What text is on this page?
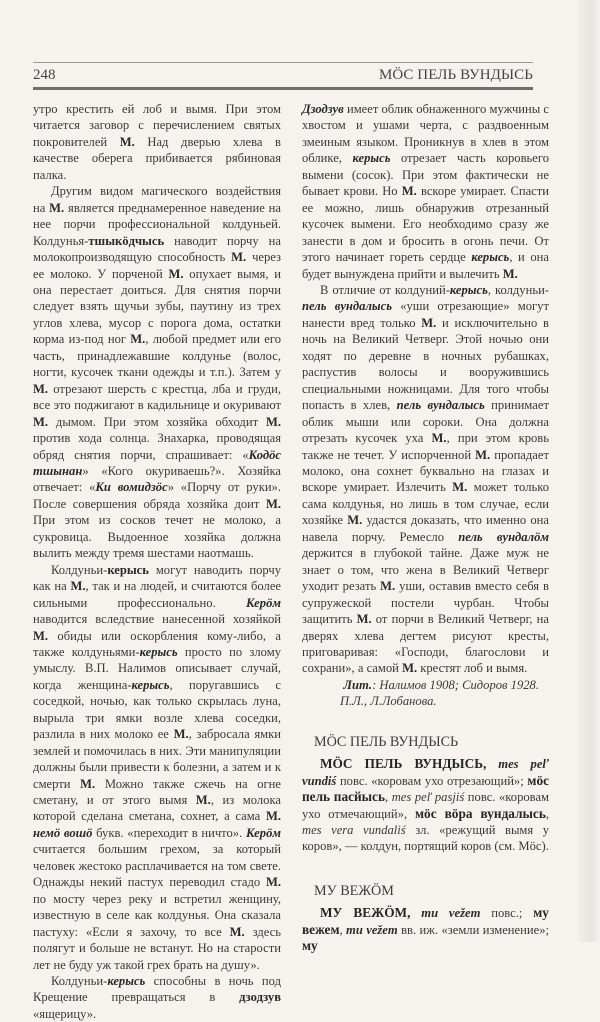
248	МÖС ПЕЛЬ ВУНДЫСЬ

утро крестить ей лоб и вымя. При этом читается заговор с перечислением святых покровителей М. Над дверью хлева в качестве оберега прибивается рябиновая палка.

Другим видом магического воздействия на М. является преднамеренное наведение на нее порчи профессиональной колдуньей. Колдунья-тшыкöдчысь наводит порчу на молокопроизводящую способность М. через ее молоко. У порченой М. опухает вымя, и она перестает доиться. Для снятия порчи следует взять щучьи зубы, паутину из трех углов хлева, мусор с порога дома, остатки корма из-под ног М., любой предмет или его часть, принадлежавшие колдунье (волос, ногти, кусочек ткани одежды и т.п.). Затем у М. отрезают шерсть с крестца, лба и груди, все это поджигают в кадильнице и окуривают М. дымом. При этом хозяйка обходит М. против хода солнца. Знахарка, проводящая обряд снятия порчи, спрашивает: «Кодöс тшынан» «Кого окуриваешь?». Хозяйка отвечает: «Ки вомидзöс» «Порчу от руки». После совершения обряда хозяйка доит М. При этом из сосков течет не молоко, а сукровица. Выдоенное хозяйка должна вылить между тремя шестами наотмашь.

Колдуньи-керысь могут наводить порчу как на М., так и на людей, и считаются более сильными профессионально. Керöм наводится вследствие нанесенной хозяйкой М. обиды или оскорбления кому-либо, а также колдуньями-керысь просто по злому умыслу. В.П. Налимов описывает случай, когда женщина-керысь, поругавшись с соседкой, ночью, как только скрылась луна, вырыла три ямки возле хлева соседки, разлила в них молоко ее М., забросала ямки землей и помочилась в них. Эти манипуляции должны были привести к болезни, а затем и к смерти М. Можно также сжечь на огне сметану, и от этого вымя М., из молока которой сделана сметана, сохнет, а сама М. немö вошö букв. «переходит в ничто». Керöм считается большим грехом, за который человек жестоко расплачивается на том свете. Однажды некий пастух переводил стадо М. по мосту через реку и встретил женщину, известную в селе как колдунья. Она сказала пастуху: «Если я захочу, то все М. здесь полягут и больше не встанут. Но на старости лет не буду уж такой грех брать на душу».

Колдуньи-керысь способны в ночь под Крещение превращаться в дзодзув «ящерицу».

Дзодзув имеет облик обнаженного мужчины с хвостом и ушами черта, с раздвоенным змеиным языком. Проникнув в хлев в этом облике, керысь отрезает часть коровьего вымени (сосок). При этом фактически не бывает крови. Но М. вскоре умирает. Спасти ее можно, лишь обнаружив отрезанный кусочек вымени. Его необходимо сразу же занести в дом и бросить в огонь печи. От этого начинает гореть сердце керысь, и она будет вынуждена прийти и вылечить М.

В отличие от колдуний-керысь, колдуньи-пель вундалысь «уши отрезающие» могут нанести вред только М. и исключительно в ночь на Великий Четверг. Этой ночью они ходят по деревне в ночных рубашках, распустив волосы и вооружившись специальными ножницами. Для того чтобы попасть в хлев, пель вундалысь принимает облик мыши или сороки. Она должна отрезать кусочек уха М., при этом кровь также не течет. У испорченной М. пропадает молоко, она сохнет буквально на глазах и вскоре умирает. Излечить М. может только сама колдунья, но лишь в том случае, если хозяйке М. удастся доказать, что именно она навела порчу. Ремесло пель вундалöм держится в глубокой тайне. Даже муж не знает о том, что жена в Великий Четверг уходит резать М. уши, оставив вместо себя в супружеской постели чурбан. Чтобы защитить М. от порчи в Великий Четверг, на дверях хлева дегтем рисуют кресты, приговаривая: «Господи, благослови и сохрани», а самой М. крестят лоб и вымя.

Лит.: Налимов 1908; Сидоров 1928.

П.Л., Л.Лобанова.

МÖС ПЕЛЬ ВУНДЫСЬ

МÖС ПЕЛЬ ВУНДЫСЬ, mes peľ vundiś повс. «коровам ухо отрезающий»; мöс пель пасйысь, mes peľ pasjiś повс. «коровам ухо отмечающий», мöс вöра вундалысь, mes vera vundaliś зл. «режущий вымя у коров», — колдун, портящий коров (см. Мöс).

МУ ВЕЖÖМ

МУ ВЕЖÖМ, mu vežem повс.; му вежем, mu vežem вв. иж. «земли изменение»; му
